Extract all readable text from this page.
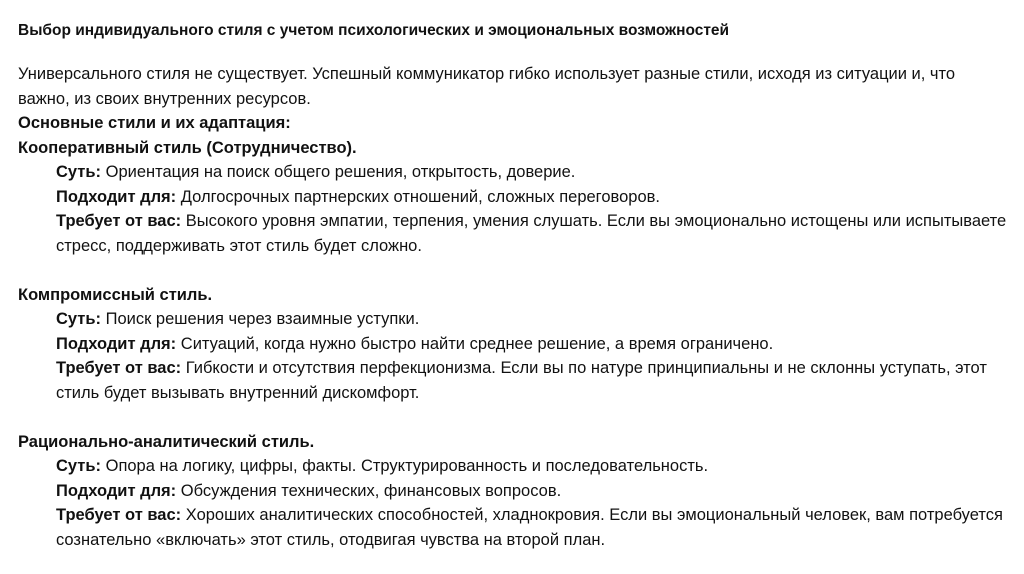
Выбор индивидуального стиля с учетом психологических и эмоциональных возможностей

Универсального стиля не существует. Успешный коммуникатор гибко использует разные стили, исходя из ситуации и, что важно, из своих внутренних ресурсов.

Основные стили и их адаптация:

Кооперативный стиль (Сотрудничество).

Суть: Ориентация на поиск общего решения, открытость, доверие.

Подходит для: Долгосрочных партнерских отношений, сложных переговоров.

Требует от вас: Высокого уровня эмпатии, терпения, умения слушать. Если вы эмоционально истощены или испытываете стресс, поддерживать этот стиль будет сложно.

Компромиссный стиль.

Суть: Поиск решения через взаимные уступки.

Подходит для: Ситуаций, когда нужно быстро найти среднее решение, а время ограничено.

Требует от вас: Гибкости и отсутствия перфекционизма. Если вы по натуре принципиальны и не склонны уступать, этот стиль будет вызывать внутренний дискомфорт.

Рационально-аналитический стиль.

Суть: Опора на логику, цифры, факты. Структурированность и последовательность.

Подходит для: Обсуждения технических, финансовых вопросов.

Требует от вас: Хороших аналитических способностей, хладнокровия. Если вы эмоциональный человек, вам потребуется сознательно «включать» этот стиль, отодвигая чувства на второй план.
